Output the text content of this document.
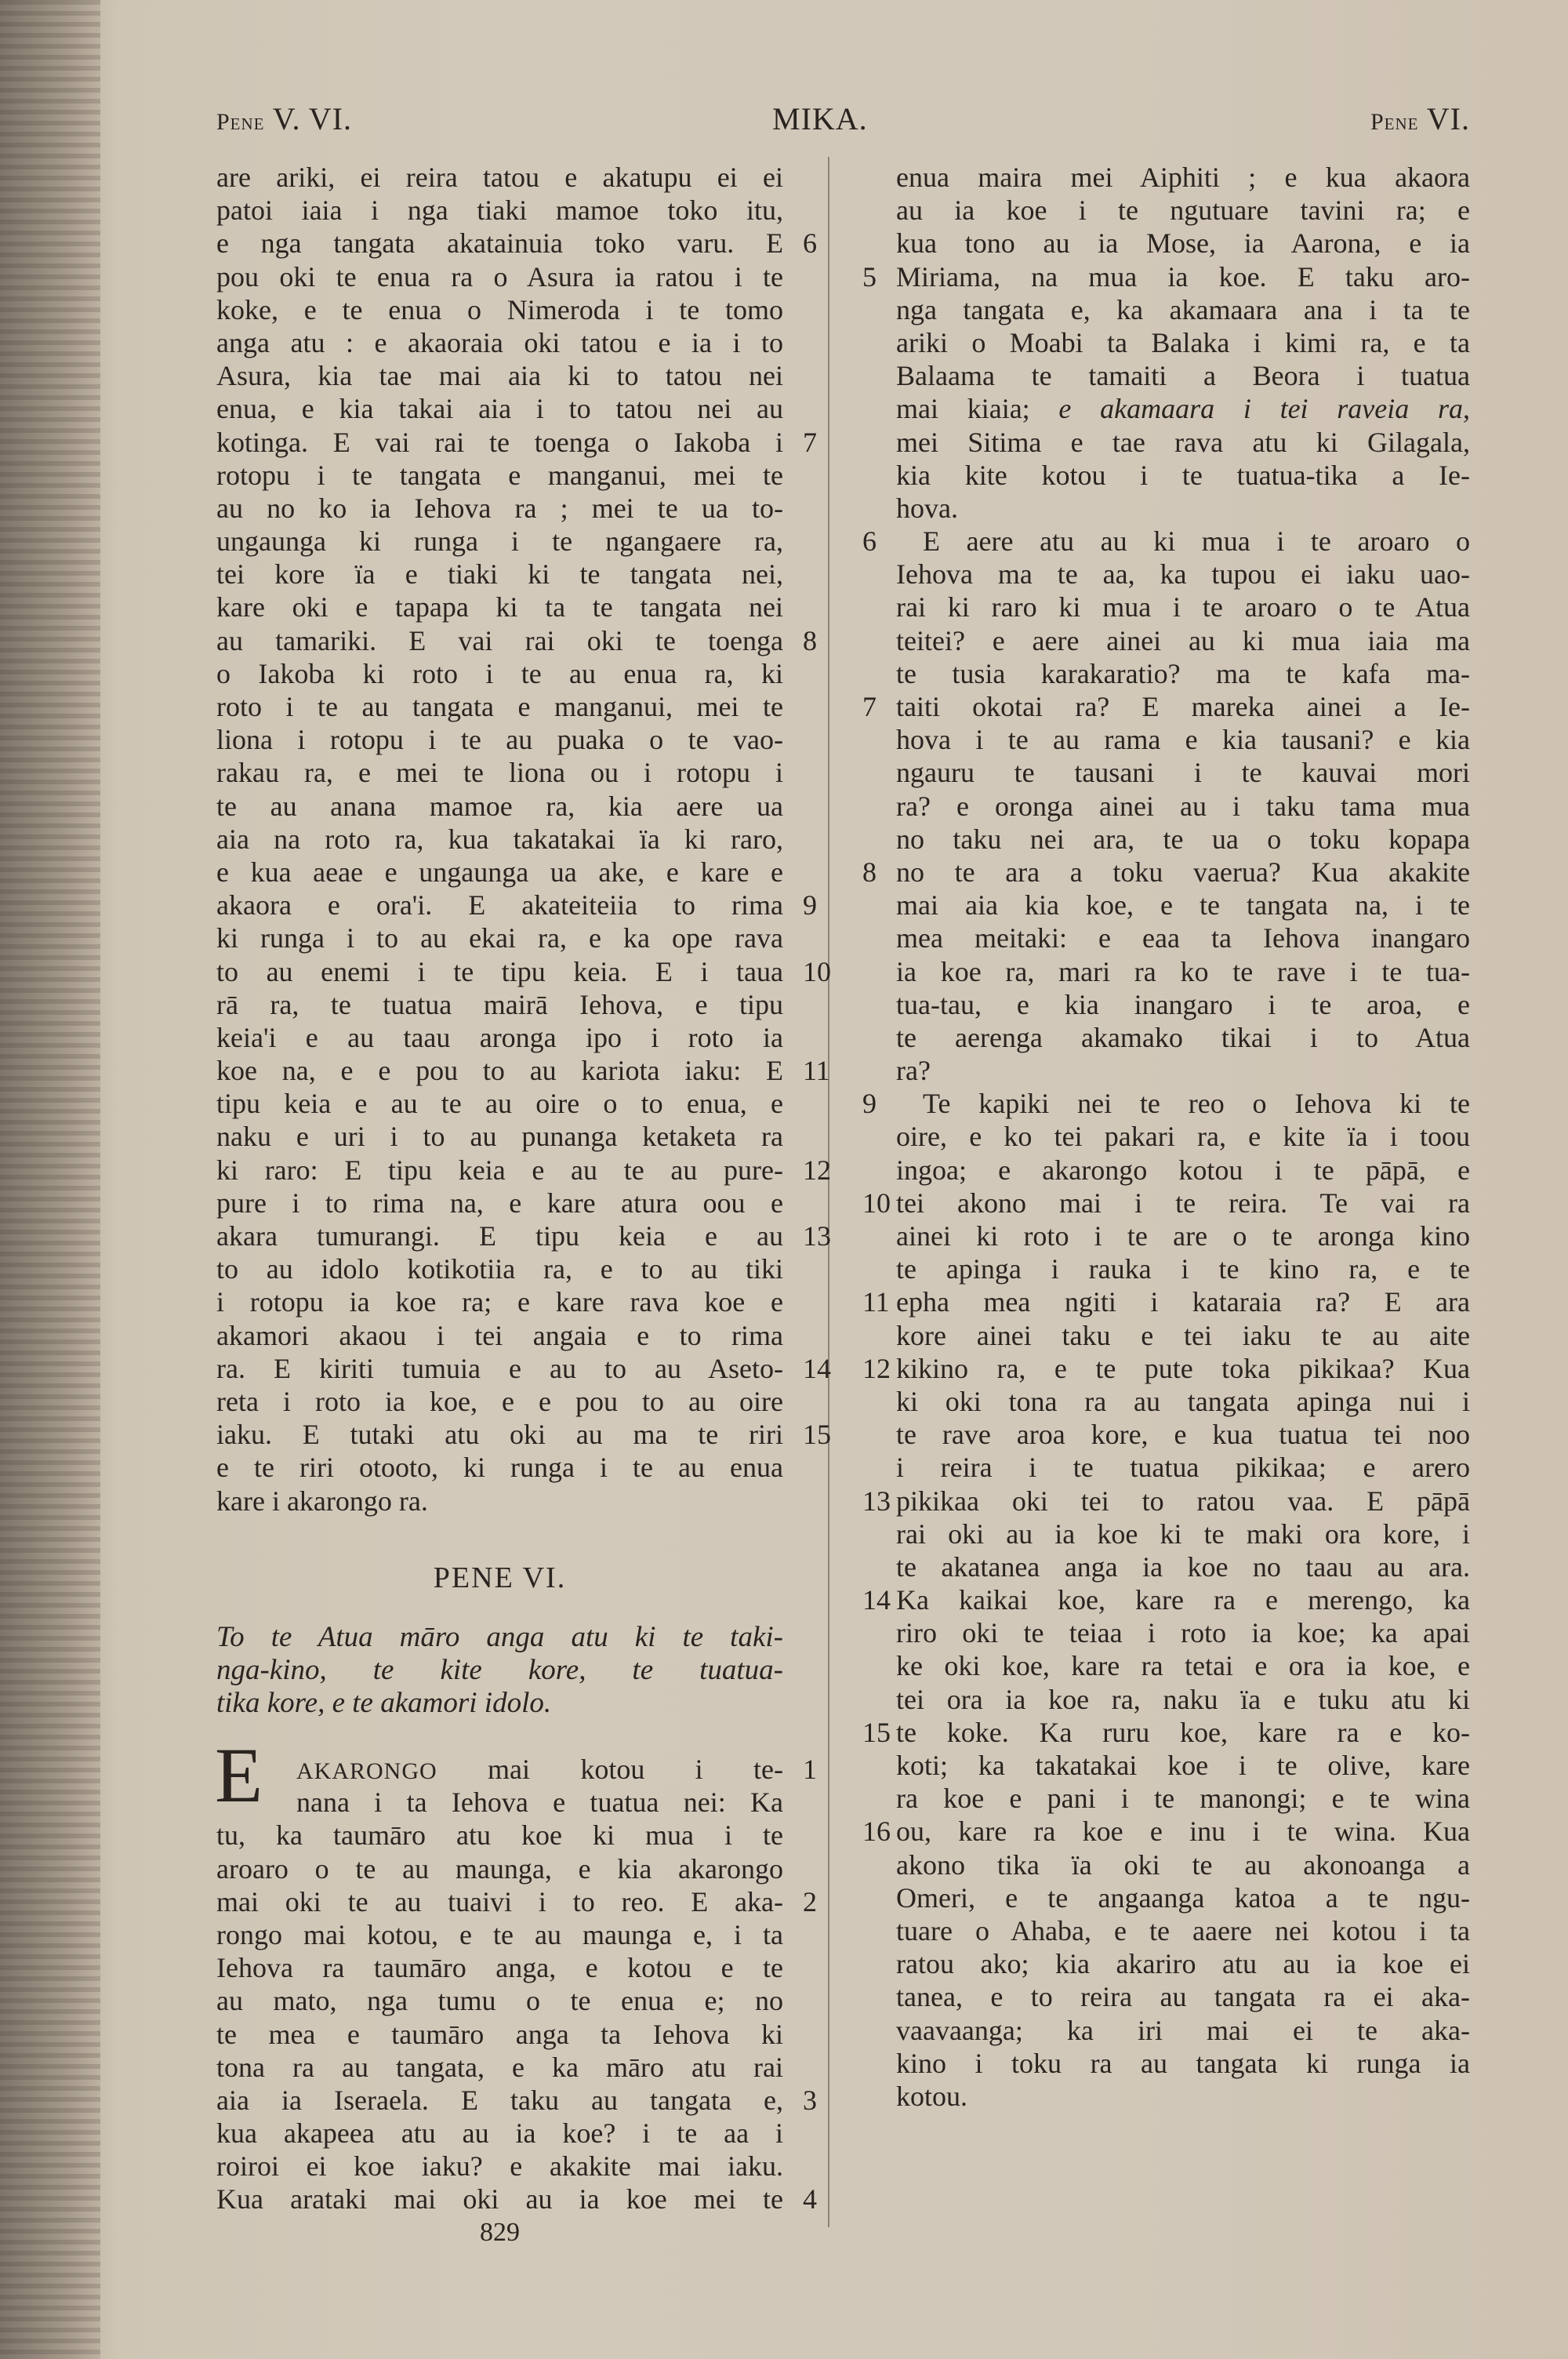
Pene V. VI.	MIKA.	Pene VI.
are ariki, ei reira tatou e akatupu ei ei
patoi iaia i nga tiaki mamoe toko itu,
e nga tangata akatainuia toko varu. E 6
pou oki te enua ra o Asura ia ratou i te
koke, e te enua o Nimeroda i te tomo
anga atu : e akaoraia oki tatou e ia i to
Asura, kia tae mai aia ki to tatou nei
enua, e kia takai aia i to tatou nei au
kotinga. E vai rai te toenga o Iakoba i 7
rotopu i te tangata e manganui, mei te
au no ko ia Iehova ra ; mei te ua to-
ungaunga ki runga i te ngangaere ra,
tei kore ïa e tiaki ki te tangata nei,
kare oki e tapapa ki ta te tangata nei
au tamariki. E vai rai oki te toenga 8
o Iakoba ki roto i te au enua ra, ki
roto i te au tangata e manganui, mei te
liona i rotopu i te au puaka o te vao-
rakau ra, e mei te liona ou i rotopu i
te au anana mamoe ra, kia aere ua
aia na roto ra, kua takatakai ïa ki raro,
e kua aeae e ungaunga ua ake, e kare e
akaora e ora'i. E akateiteiia to rima 9
ki runga i to au ekai ra, e ka ope rava
to au enemi i te tipu keia. E i taua 10
rā ra, te tuatua mairā Iehova, e tipu
keia'i e au taau aronga ipo i roto ia
koe na, e e pou to au kariota iaku: E 11
tipu keia e au te au oire o to enua, e
naku e uri i to au punanga ketaketa ra
ki raro: E tipu keia e au te au pure- 12
pure i to rima na, e kare atura oou e
akara tumurangi. E tipu keia e au 13
to au idolo kotikotiia ra, e to au tiki
i rotopu ia koe ra; e kare rava koe e
akamori akaou i tei angaia e to rima
ra. E kiriti tumuia e au to au Aseto- 14
reta i roto ia koe, e e pou to au oire
iaku. E tutaki atu oki au ma te riri 15
e te riri otooto, ki runga i te au enua
kare i akarongo ra.
PENE VI.
To te Atua māro anga atu ki te taki-
nga-kino, te kite kore, te tuatua-
tika kore, e te akamori idolo.
E	AKARONGO mai kotou i te- 1
nana i ta Iehova e tuatua nei: Ka
tu, ka taumāro atu koe ki mua i te
aroaro o te au maunga, e kia akarongo
mai oki te au tuaivi i to reo. E aka- 2
rongo mai kotou, e te au maunga e, i ta
Iehova ra taumāro anga, e kotou e te
au mato, nga tumu o te enua e; no
te mea e taumāro anga ta Iehova ki
tona ra au tangata, e ka māro atu rai
aia ia Iseraela. E taku au tangata e, 3
kua akapeea atu au ia koe? i te aa i
roiroi ei koe iaku? e akakite mai iaku.
Kua arataki mai oki au ia koe mei te 4
enua maira mei Aiphiti ; e kua akaora
au ia koe i te ngutuare tavini ra; e
kua tono au ia Mose, ia Aarona, e ia
Miriama, na mua ia koe. E taku aro-
5
nga tangata e, ka akamaara ana i ta te
ariki o Moabi ta Balaka i kimi ra, e ta
Balaama te tamaiti a Beora i tuatua
mai kiaia; e akamaara i tei raveia ra,
mei Sitima e tae rava atu ki Gilagala,
kia kite kotou i te tuatua-tika a Ie-
hova.
E aere atu au ki mua i te aroaro o
6
Iehova ma te aa, ka tupou ei iaku uao-
rai ki raro ki mua i te aroaro o te Atua
teitei? e aere ainei au ki mua iaia ma
te tusia karakaratio? ma te kafa ma-
taiti okotai ra? E mareka ainei a Ie-
7
hova i te au rama e kia tausani? e kia
ngauru te tausani i te kauvai mori
ra? e oronga ainei au i taku tama mua
no taku nei ara, te ua o toku kopapa
no te ara a toku vaerua? Kua akakite
8
mai aia kia koe, e te tangata na, i te
mea meitaki: e eaa ta Iehova inangaro
ia koe ra, mari ra ko te rave i te tua-
tua-tau, e kia inangaro i te aroa, e
te aerenga akamako tikai i to Atua
ra?
Te kapiki nei te reo o Iehova ki te
9
oire, e ko tei pakari ra, e kite ïa i toou
ingoa; e akarongo kotou i te pāpā, e
tei akono mai i te reira. Te vai ra
10
ainei ki roto i te are o te aronga kino
te apinga i rauka i te kino ra, e te
epha mea ngiti i kataraia ra? E ara
11
kore ainei taku e tei iaku te au aite
kikino ra, e te pute toka pikikaa? Kua
12
ki oki tona ra au tangata apinga nui i
te rave aroa kore, e kua tuatua tei noo
i reira i te tuatua pikikaa; e arero
pikikaa oki tei to ratou vaa. E pāpā
13
rai oki au ia koe ki te maki ora kore, i
te akatanea anga ia koe no taau au ara.
Ka kaikai koe, kare ra e merengo, ka
14
riro oki te teiaa i roto ia koe; ka apai
ke oki koe, kare ra tetai e ora ia koe, e
tei ora ia koe ra, naku ïa e tuku atu ki
te koke. Ka ruru koe, kare ra e ko-
15
koti; ka takatakai koe i te olive, kare
ra koe e pani i te manongi; e te wina
ou, kare ra koe e inu i te wina. Kua
16
akono tika ïa oki te au akonoanga a
Omeri, e te angaanga katoa a te ngu-
tuare o Ahaba, e te aaere nei kotou i ta
ratou ako; kia akariro atu au ia koe ei
tanea, e to reira au tangata ra ei aka-
vaavaanga; ka iri mai ei te aka-
kino i toku ra au tangata ki runga ia
kotou.
829
